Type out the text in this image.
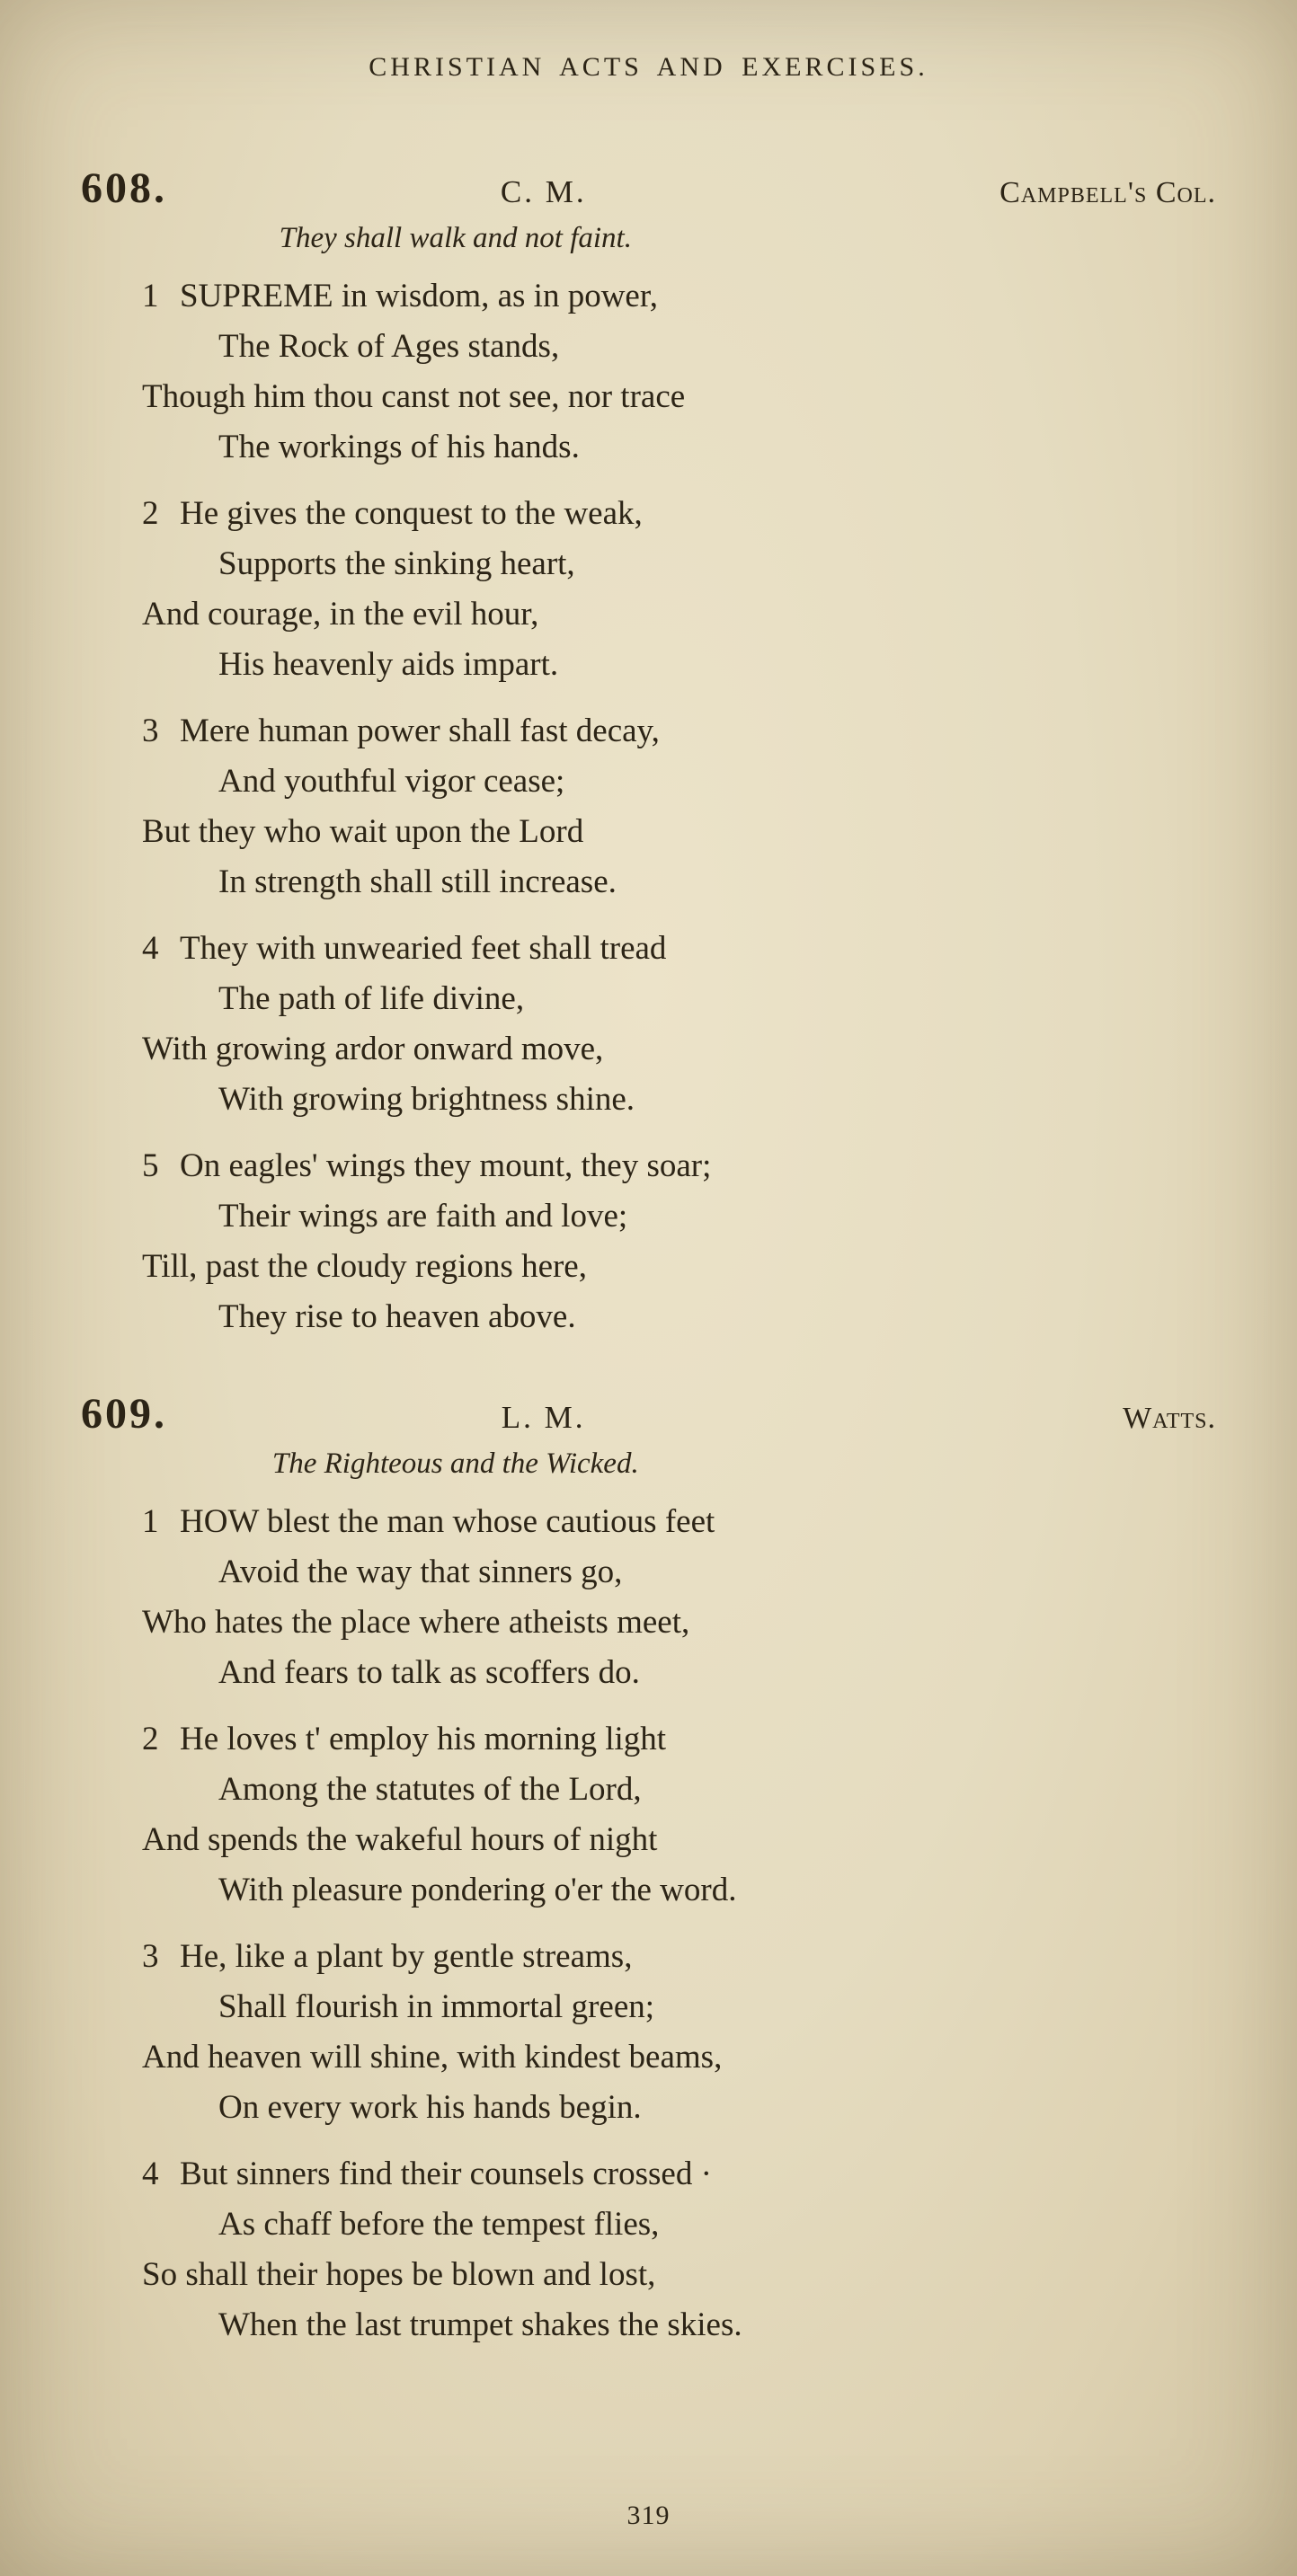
CHRISTIAN ACTS AND EXERCISES.
608.	C. M.	Campbell's Col.
They shall walk and not faint.
1 SUPREME in wisdom, as in power,
The Rock of Ages stands,
Though him thou canst not see, nor trace
The workings of his hands.
2 He gives the conquest to the weak,
Supports the sinking heart,
And courage, in the evil hour,
His heavenly aids impart.
3 Mere human power shall fast decay,
And youthful vigor cease;
But they who wait upon the Lord
In strength shall still increase.
4 They with unwearied feet shall tread
The path of life divine,
With growing ardor onward move,
With growing brightness shine.
5 On eagles' wings they mount, they soar;
Their wings are faith and love;
Till, past the cloudy regions here,
They rise to heaven above.
609.	L. M.	Watts.
The Righteous and the Wicked.
1 HOW blest the man whose cautious feet
Avoid the way that sinners go,
Who hates the place where atheists meet,
And fears to talk as scoffers do.
2 He loves t' employ his morning light
Among the statutes of the Lord,
And spends the wakeful hours of night
With pleasure pondering o'er the word.
3 He, like a plant by gentle streams,
Shall flourish in immortal green;
And heaven will shine, with kindest beams,
On every work his hands begin.
4 But sinners find their counsels crossed ·
As chaff before the tempest flies,
So shall their hopes be blown and lost,
When the last trumpet shakes the skies.
319
